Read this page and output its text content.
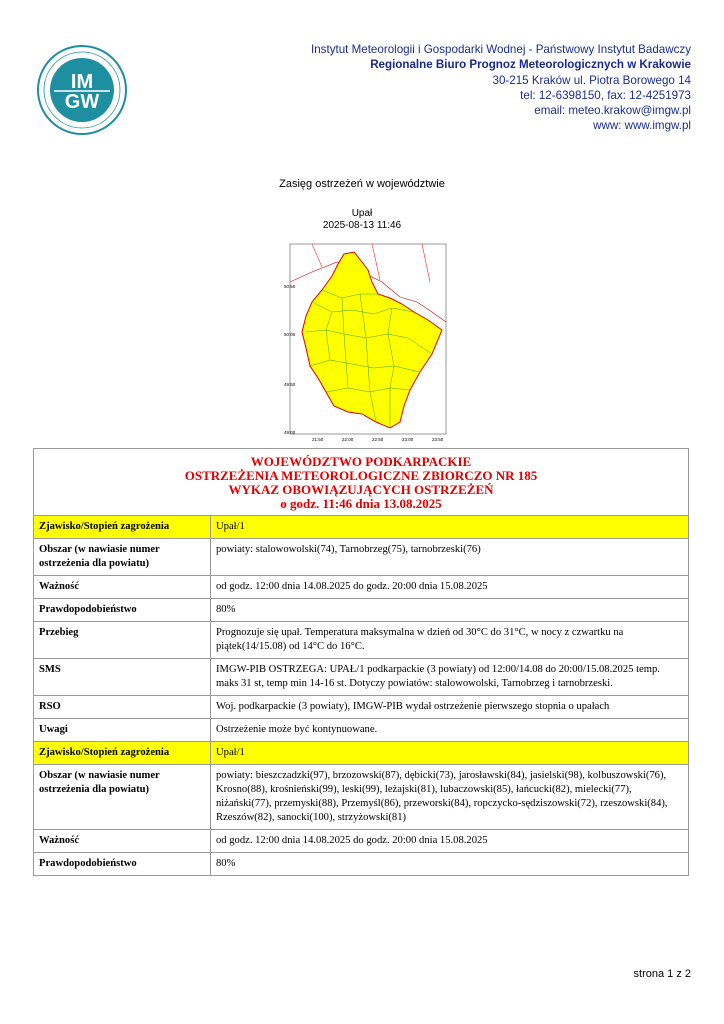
IM
GW
Instytut Meteorologii i Gospodarki Wodnej - Państwowy Instytut Badawczy
Regionalne Biuro Prognoz Meteorologicznych w Krakowie
30-215 Kraków ul. Piotra Borowego 14
tel: 12-6398150, fax: 12-4251973
email: meteo.krakow@imgw.pl
www: www.imgw.pl
Zasięg ostrzeżeń w województwie
Upał
2025-08-13 11:46
50:50
50:00
49:50
49:00
21:50	22:00	22:50	23:00	23:50
WOJEWÓDZTWO PODKARPACKIE
OSTRZEŻENIA METEOROLOGICZNE ZBIORCZO NR 185
WYKAZ OBOWIĄZUJĄCYCH OSTRZEŻEŃ
o godz. 11:46 dnia 13.08.2025	

Zjawisko/Stopień zagrożenia	Upał/1
Obszar (w nawiasie numer ostrzeżenia dla powiatu)	powiaty: stalowowolski(74), Tarnobrzeg(75), tarnobrzeski(76)
Ważność	od godz. 12:00 dnia 14.08.2025 do godz. 20:00 dnia 15.08.2025
Prawdopodobieństwo	80%
Przebieg	Prognozuje się upał. Temperatura maksymalna w dzień od 30°C do 31°C, w nocy z czwartku na piątek(14/15.08) od 14°C do 16°C.
SMS	IMGW-PIB OSTRZEGA: UPAŁ/1 podkarpackie (3 powiaty) od 12:00/14.08 do 20:00/15.08.2025 temp. maks 31 st, temp min 14-16 st. Dotyczy powiatów: stalowowolski, Tarnobrzeg i tarnobrzeski.
RSO	Woj. podkarpackie (3 powiaty), IMGW-PIB wydał ostrzeżenie pierwszego stopnia o upałach
Uwagi	Ostrzeżenie może być kontynuowane.
Zjawisko/Stopień zagrożenia	Upał/1
Obszar (w nawiasie numer ostrzeżenia dla powiatu)	powiaty: bieszczadzki(97), brzozowski(87), dębicki(73), jarosławski(84), jasielski(98), kolbuszowski(76), Krosno(88), krośnieński(99), leski(99), leżajski(81), lubaczowski(85), łańcucki(82), mielecki(77), niżański(77), przemyski(88), Przemyśl(86), przeworski(84), ropczycko-sędziszowski(72), rzeszowski(84), Rzeszów(82), sanocki(100), strzyżowski(81)
Ważność	od godz. 12:00 dnia 14.08.2025 do godz. 20:00 dnia 15.08.2025
Prawdopodobieństwo	80%
strona 1 z 2
